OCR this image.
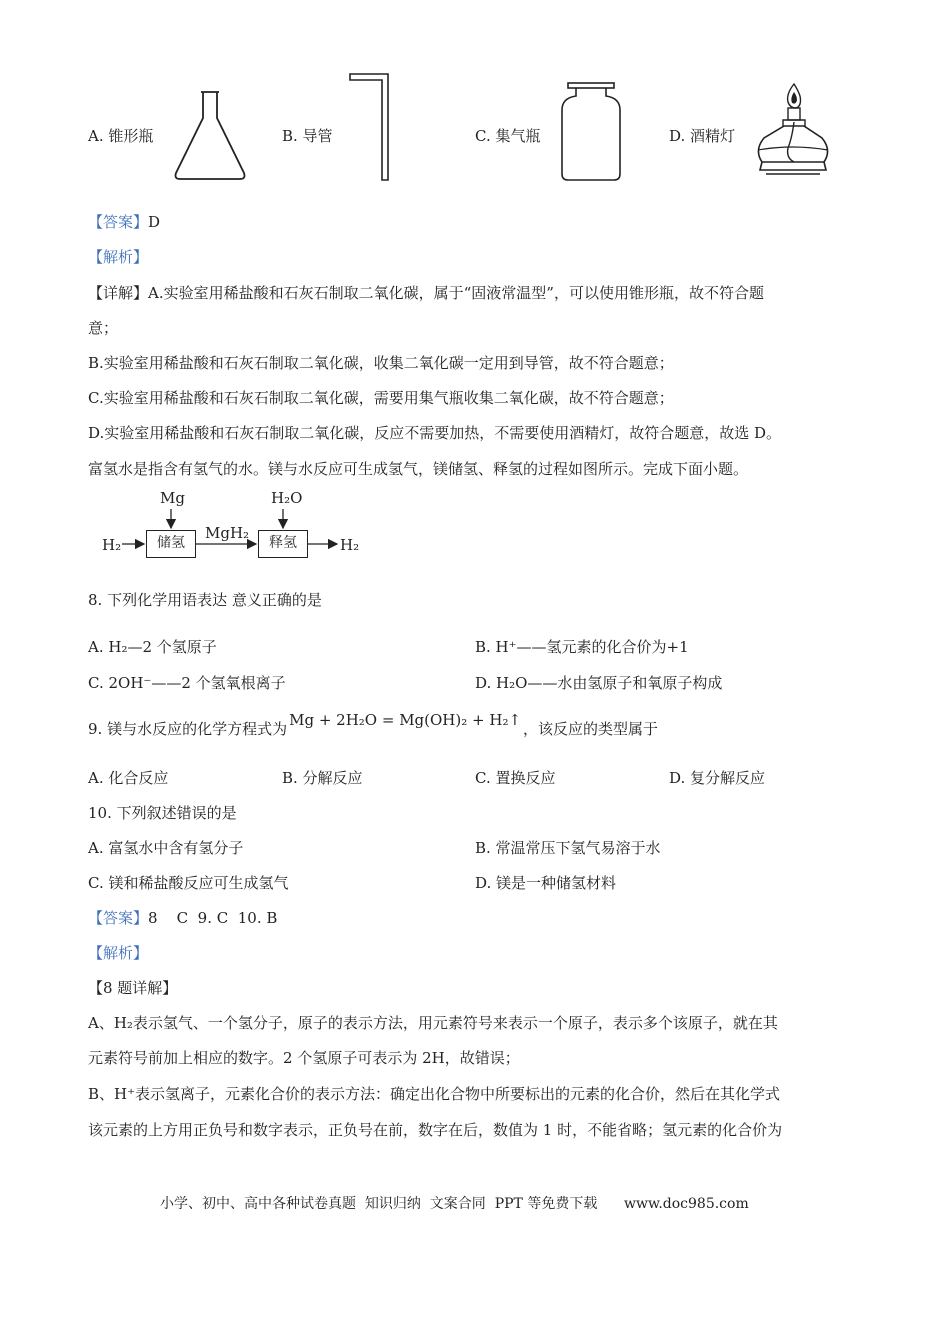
A. 锥形瓶	B. 导管	C. 集气瓶	D. 酒精灯
【答案】D
【解析】
【详解】A.实验室用稀盐酸和石灰石制取二氧化碳，属于“固液常温型”，可以使用锥形瓶，故不符合题
意；
B.实验室用稀盐酸和石灰石制取二氧化碳，收集二氧化碳一定用到导管，故不符合题意；
C.实验室用稀盐酸和石灰石制取二氧化碳，需要用集气瓶收集二氧化碳，故不符合题意；
D.实验室用稀盐酸和石灰石制取二氧化碳，反应不需要加热，不需要使用酒精灯，故符合题意，故选 D。
富氢水是指含有氢气的水。镁与水反应可生成氢气，镁储氢、释氢的过程如图所示。完成下面小题。
Mg	H₂O
H₂	储氢
MgH₂
释氢	H₂
8. 下列化学用语表达 意义正确的是
A. H₂—2 个氢原子	B. H⁺——氢元素的化合价为+1
C. 2OH⁻——2 个氢氧根离子	D. H₂O——水由氢原子和氧原子构成
9. 镁与水反应的化学方程式为 Mg + 2H₂O = Mg(OH)₂ + H₂↑ ，该反应的类型属于
A. 化合反应	B. 分解反应	C. 置换反应	D. 复分解反应
10. 下列叙述错误的是
A. 富氢水中含有氢分子	B. 常温常压下氢气易溶于水
C. 镁和稀盐酸反应可生成氢气	D. 镁是一种储氢材料
【答案】8    C  9. C  10. B
【解析】
【8 题详解】
A、H₂表示氢气、一个氢分子，原子的表示方法，用元素符号来表示一个原子，表示多个该原子，就在其
元素符号前加上相应的数字。2 个氢原子可表示为 2H，故错误；
B、H⁺表示氢离子，元素化合价的表示方法：确定出化合物中所要标出的元素的化合价，然后在其化学式
该元素的上方用正负号和数字表示，正负号在前，数字在后，数值为 1 时，不能省略；氢元素的化合价为
小学、初中、高中各种试卷真题  知识归纳  文案合同  PPT 等免费下载      www.doc985.com
